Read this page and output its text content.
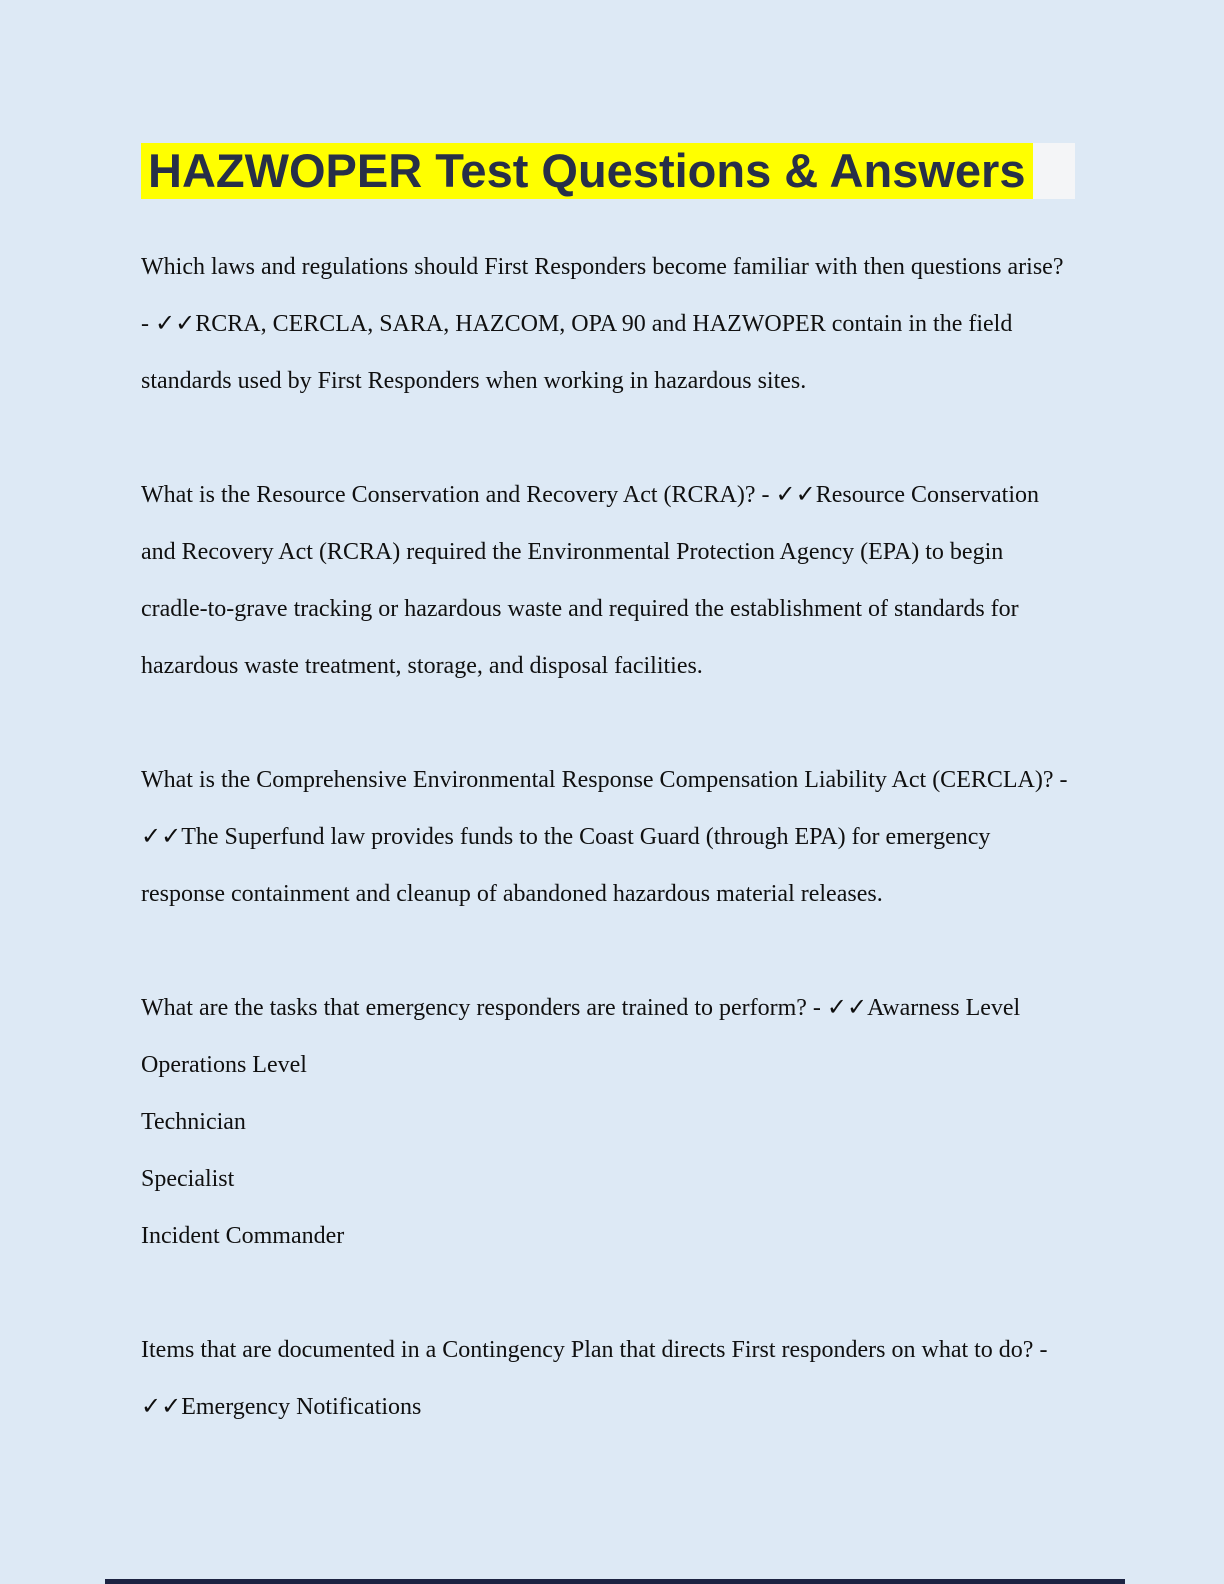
HAZWOPER Test Questions & Answers
Which laws and regulations should First Responders become familiar with then questions arise?
- ✓✓RCRA, CERCLA, SARA, HAZCOM, OPA 90 and HAZWOPER contain in the field
standards used by First Responders when working in hazardous sites.
What is the Resource Conservation and Recovery Act (RCRA)? - ✓✓Resource Conservation
and Recovery Act (RCRA) required the Environmental Protection Agency (EPA) to begin
cradle-to-grave tracking or hazardous waste and required the establishment of standards for
hazardous waste treatment, storage, and disposal facilities.
What is the Comprehensive Environmental Response Compensation Liability Act (CERCLA)? -
✓✓The Superfund law provides funds to the Coast Guard (through EPA) for emergency
response containment and cleanup of abandoned hazardous material releases.
What are the tasks that emergency responders are trained to perform? - ✓✓Awarness Level
Operations Level
Technician
Specialist
Incident Commander
Items that are documented in a Contingency Plan that directs First responders on what to do? -
✓✓Emergency Notifications
